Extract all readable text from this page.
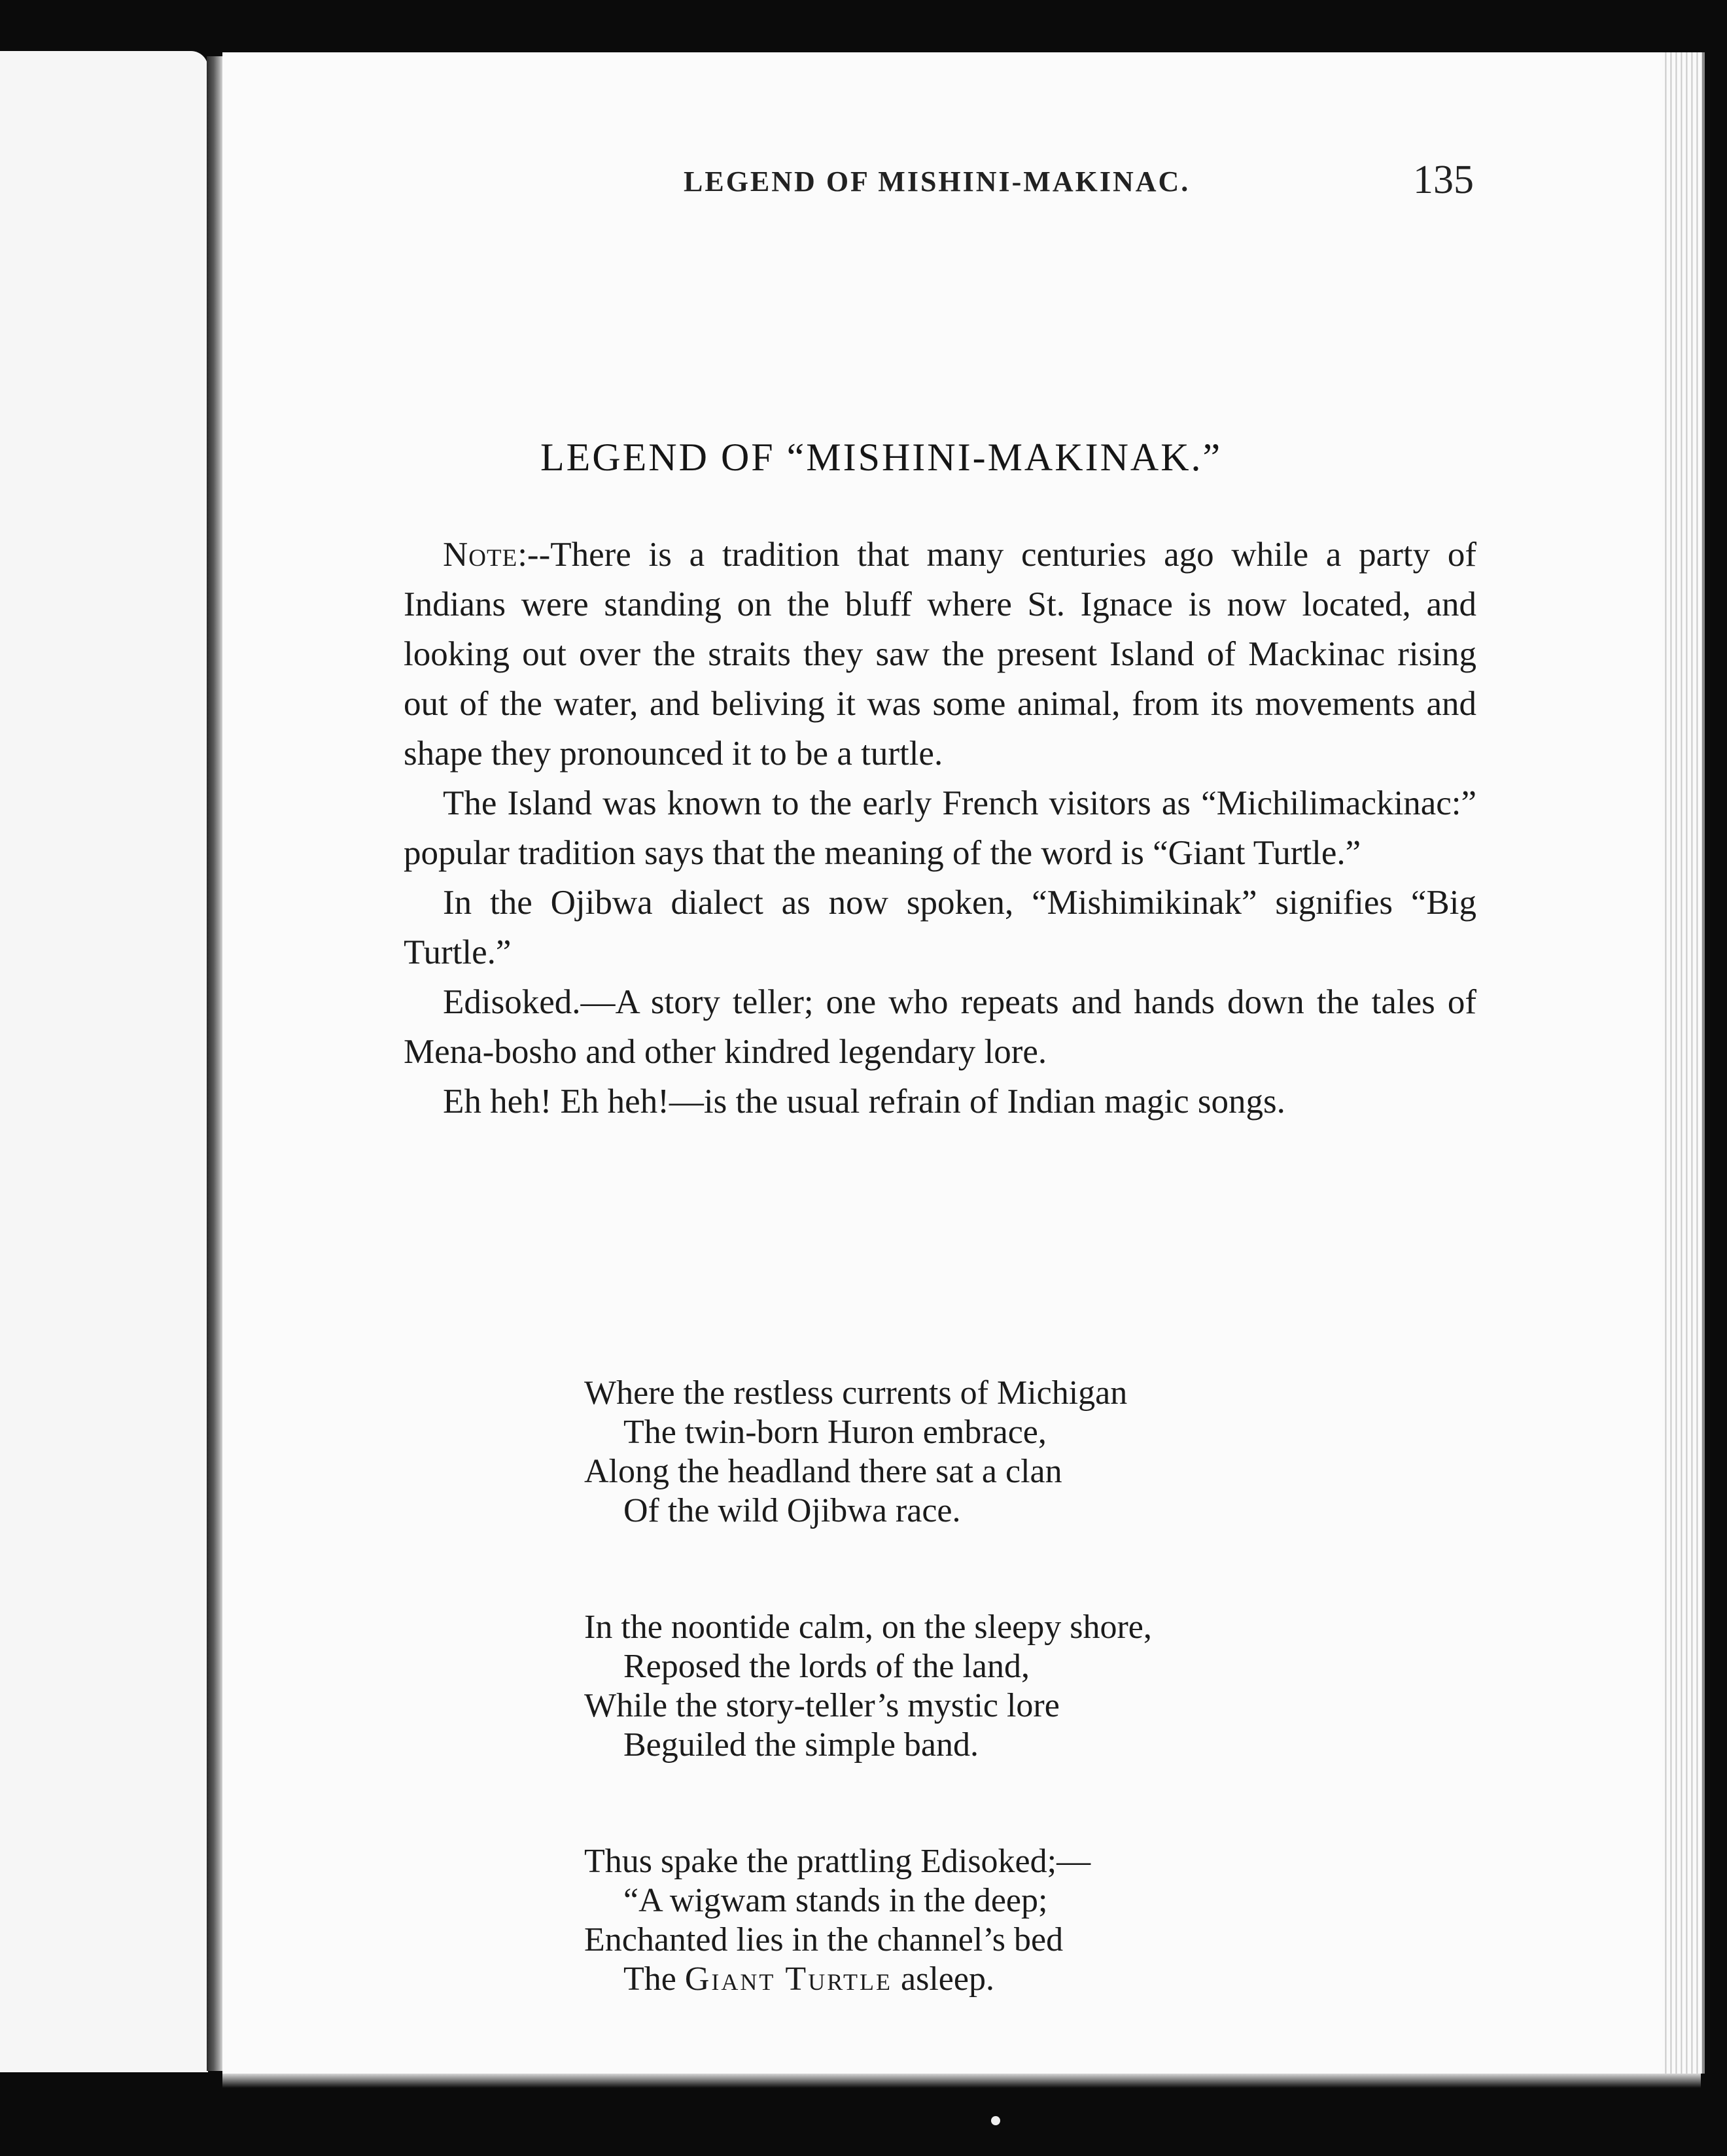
LEGEND OF MISHINI-MAKINAC.	135
LEGEND OF “MISHINI-MAKINAK.”

Note:--There is a tradition that many centuries ago while a party of Indians were standing on the bluff where St. Ignace is now located, and looking out over the straits they saw the present Island of Mackinac rising out of the water, and beliving it was some animal, from its movements and shape they pronounced it to be a turtle.

The Island was known to the early French visitors as “Michilimackinac:” popular tradition says that the meaning of the word is “Giant Turtle.”

In the Ojibwa dialect as now spoken, “Mishimikinak” signifies “Big Turtle.”

Edisoked.—A story teller; one who repeats and hands down the tales of Mena-bosho and other kindred legendary lore.

Eh heh! Eh heh!—is the usual refrain of Indian magic songs.

Where the restless currents of Michigan
The twin-born Huron embrace,
Along the headland there sat a clan
Of the wild Ojibwa race.
In the noontide calm, on the sleepy shore,
Reposed the lords of the land,
While the story-teller’s mystic lore
Beguiled the simple band.
Thus spake the prattling Edisoked;—
“A wigwam stands in the deep;
Enchanted lies in the channel’s bed
The Giant Turtle asleep.
